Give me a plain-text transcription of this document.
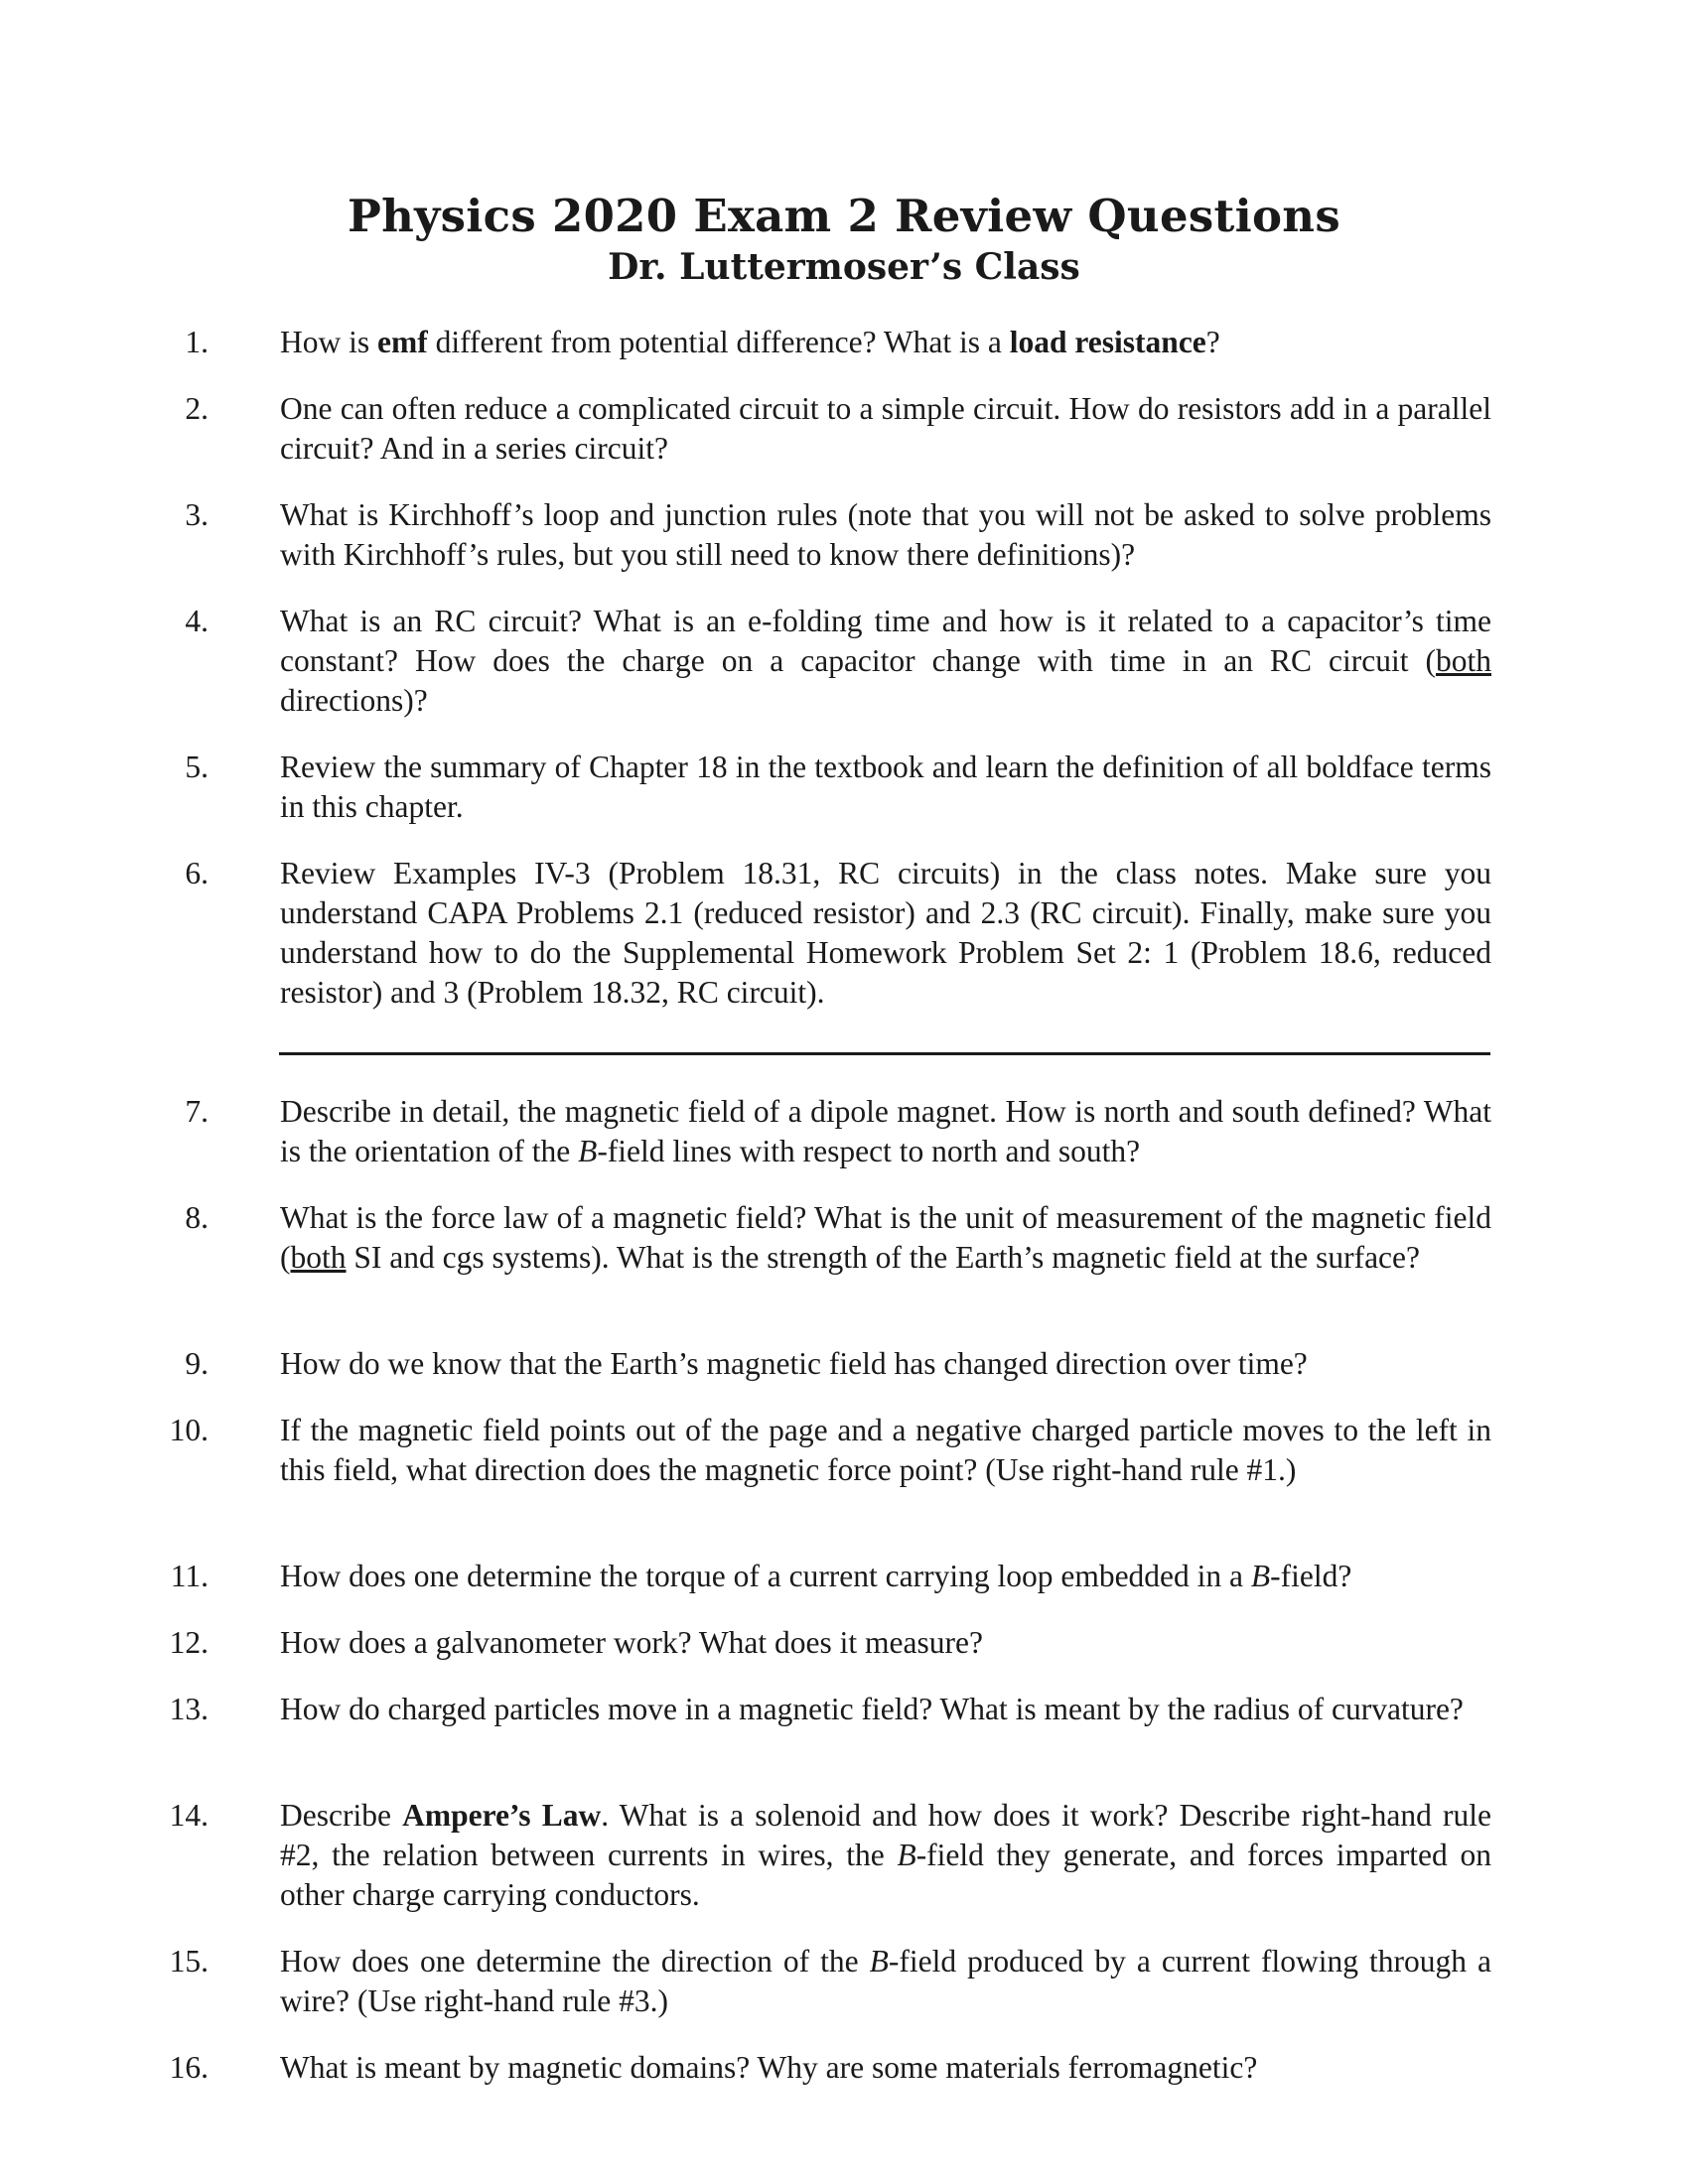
Physics 2020 Exam 2 Review Questions
Dr. Luttermoser’s Class
1. How is emf different from potential difference? What is a load resistance?
2. One can often reduce a complicated circuit to a simple circuit. How do resistors add in a parallel circuit? And in a series circuit?
3. What is Kirchhoff’s loop and junction rules (note that you will not be asked to solve problems with Kirchhoff’s rules, but you still need to know there definitions)?
4. What is an RC circuit? What is an e-folding time and how is it related to a capacitor’s time constant? How does the charge on a capacitor change with time in an RC circuit (both directions)?
5. Review the summary of Chapter 18 in the textbook and learn the definition of all boldface terms in this chapter.
6. Review Examples IV-3 (Problem 18.31, RC circuits) in the class notes. Make sure you understand CAPA Problems 2.1 (reduced resistor) and 2.3 (RC circuit). Finally, make sure you understand how to do the Supplemental Homework Problem Set 2: 1 (Problem 18.6, reduced resistor) and 3 (Problem 18.32, RC circuit).
7. Describe in detail, the magnetic field of a dipole magnet. How is north and south defined? What is the orientation of the B-field lines with respect to north and south?
8. What is the force law of a magnetic field? What is the unit of measurement of the magnetic field (both SI and cgs systems). What is the strength of the Earth’s magnetic field at the surface?
9. How do we know that the Earth’s magnetic field has changed direction over time?
10. If the magnetic field points out of the page and a negative charged particle moves to the left in this field, what direction does the magnetic force point? (Use right-hand rule #1.)
11. How does one determine the torque of a current carrying loop embedded in a B-field?
12. How does a galvanometer work? What does it measure?
13. How do charged particles move in a magnetic field? What is meant by the radius of curvature?
14. Describe Ampere’s Law. What is a solenoid and how does it work? Describe right-hand rule #2, the relation between currents in wires, the B-field they generate, and forces imparted on other charge carrying conductors.
15. How does one determine the direction of the B-field produced by a current flowing through a wire? (Use right-hand rule #3.)
16. What is meant by magnetic domains? Why are some materials ferromagnetic?
